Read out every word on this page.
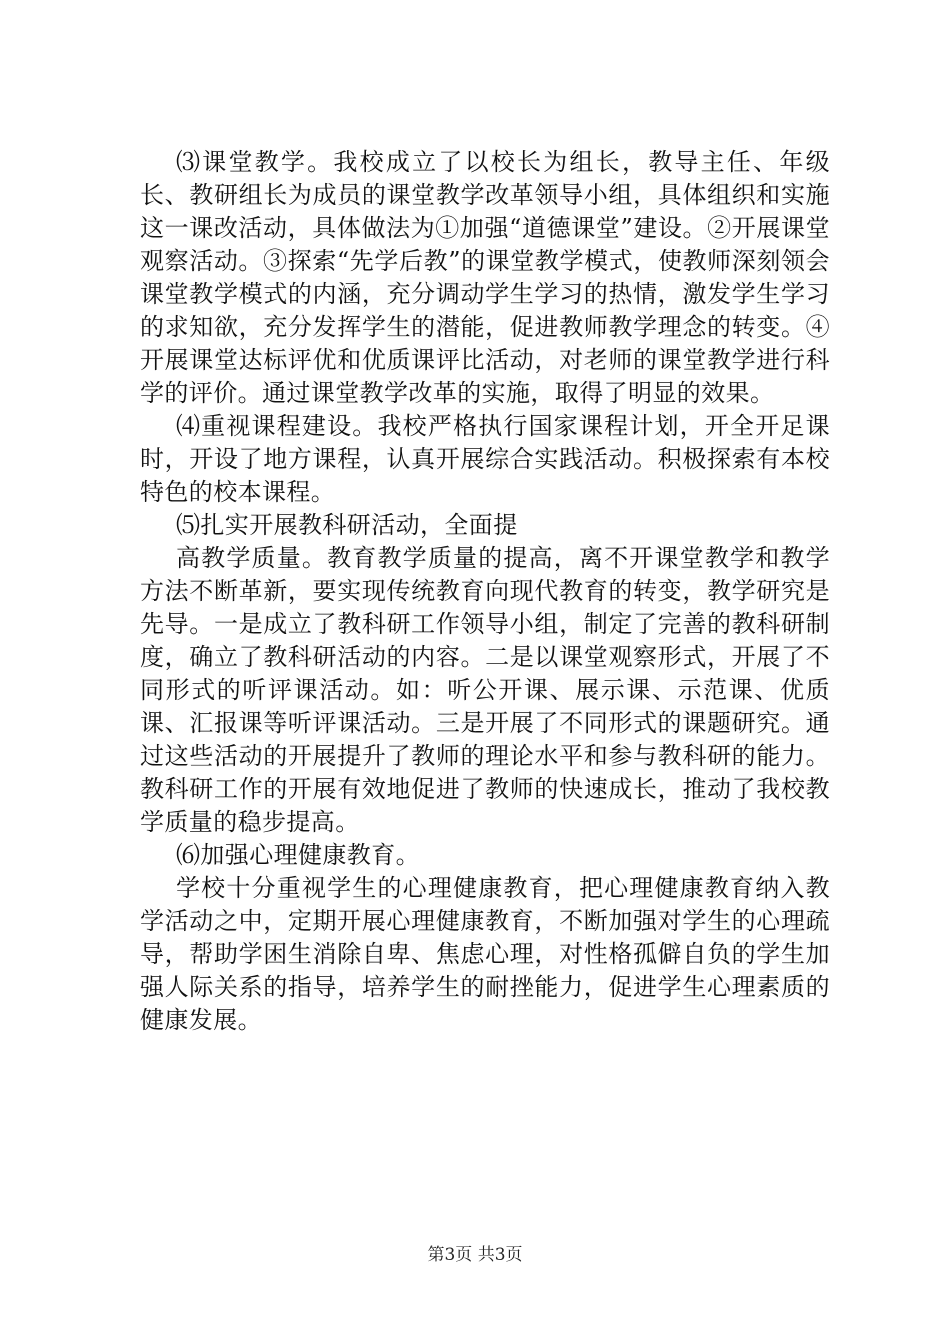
⑶课堂教学。我校成立了以校长为组长，教导主任、年级长、教研组长为成员的课堂教学改革领导小组，具体组织和实施这一课改活动，具体做法为①加强“道德课堂”建设。②开展课堂观察活动。③探索“先学后教”的课堂教学模式，使教师深刻领会课堂教学模式的内涵，充分调动学生学习的热情，激发学生学习的求知欲，充分发挥学生的潜能，促进教师教学理念的转变。④开展课堂达标评优和优质课评比活动，对老师的课堂教学进行科学的评价。通过课堂教学改革的实施，取得了明显的效果。

⑷重视课程建设。我校严格执行国家课程计划，开全开足课时，开设了地方课程，认真开展综合实践活动。积极探索有本校特色的校本课程。

⑸扎实开展教科研活动，全面提

高教学质量。教育教学质量的提高，离不开课堂教学和教学方法不断革新，要实现传统教育向现代教育的转变，教学研究是先导。一是成立了教科研工作领导小组，制定了完善的教科研制度，确立了教科研活动的内容。二是以课堂观察形式，开展了不同形式的听评课活动。如：听公开课、展示课、示范课、优质课、汇报课等听评课活动。三是开展了不同形式的课题研究。通过这些活动的开展提升了教师的理论水平和参与教科研的能力。教科研工作的开展有效地促进了教师的快速成长，推动了我校教学质量的稳步提高。

⑹加强心理健康教育。

学校十分重视学生的心理健康教育，把心理健康教育纳入教学活动之中，定期开展心理健康教育，不断加强对学生的心理疏导，帮助学困生消除自卑、焦虑心理，对性格孤僻自负的学生加强人际关系的指导，培养学生的耐挫能力，促进学生心理素质的健康发展。

第3页 共3页
